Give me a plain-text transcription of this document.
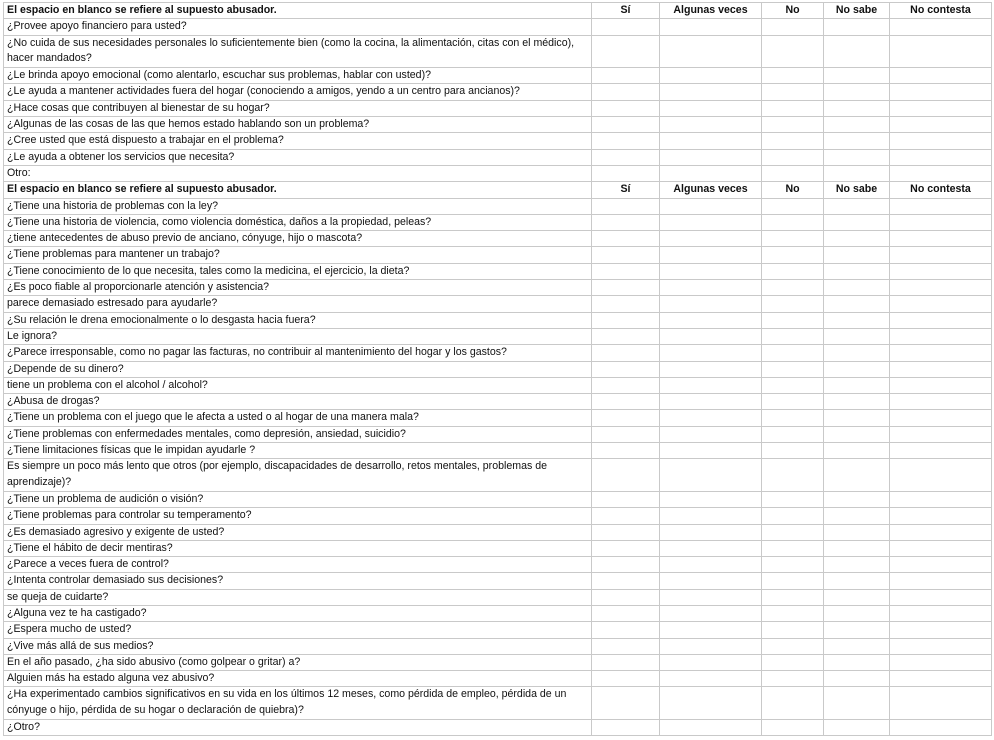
El espacio en blanco se refiere al supuesto abusador.	Sí	Algunas veces	No	No sabe	No contesta
¿Provee apoyo financiero para usted?					
¿No cuida de sus necesidades personales lo suficientemente bien (como la cocina, la alimentación, citas con el médico), hacer mandados?					
¿Le brinda apoyo emocional (como alentarlo, escuchar sus problemas, hablar con usted)?					
¿Le ayuda a mantener actividades fuera del hogar (conociendo a amigos, yendo a un centro para ancianos)?					
¿Hace cosas que contribuyen al bienestar de su hogar?					
¿Algunas de las cosas de las que hemos estado hablando son un problema?					
¿Cree usted que está dispuesto a trabajar en el problema?					
¿Le ayuda a obtener los servicios que necesita?					
Otro:					
El espacio en blanco se refiere al supuesto abusador.	Sí	Algunas veces	No	No sabe	No contesta
¿Tiene una historia de problemas con la ley?					
¿Tiene una historia de violencia, como violencia doméstica, daños a la propiedad, peleas?					
¿tiene antecedentes de abuso previo de anciano, cónyuge, hijo o mascota?					
¿Tiene problemas para mantener un trabajo?					
¿Tiene conocimiento de lo que necesita, tales como la medicina, el ejercicio, la dieta?					
¿Es poco fiable al proporcionarle atención y asistencia?					
parece demasiado estresado para ayudarle?					
¿Su relación le drena emocionalmente o lo desgasta hacia fuera?					
Le ignora?					
¿Parece irresponsable, como no pagar las facturas, no contribuir al mantenimiento del hogar y los gastos?					
¿Depende de su dinero?					
tiene un problema con el alcohol / alcohol?					
¿Abusa de drogas?					
¿Tiene un problema con el juego que le afecta a usted o al hogar de una manera mala?					
¿Tiene problemas con enfermedades mentales, como depresión, ansiedad, suicidio?					
¿Tiene limitaciones físicas que le impidan ayudarle ?					
Es siempre un poco más lento que otros (por ejemplo, discapacidades de desarrollo, retos mentales, problemas de aprendizaje)?					
¿Tiene un problema de audición o visión?					
¿Tiene problemas para controlar su temperamento?					
¿Es demasiado agresivo y exigente de usted?					
¿Tiene el hábito de decir mentiras?					
¿Parece a veces fuera de control?					
¿Intenta controlar demasiado sus decisiones?					
se queja de cuidarte?					
¿Alguna vez te ha castigado?					
¿Espera mucho de usted?					
¿Vive más allá de sus medios?					
En el año pasado, ¿ha sido abusivo (como golpear o gritar) a?					
Alguien más ha estado alguna vez abusivo?					
¿Ha experimentado cambios significativos en su vida en los últimos 12 meses, como pérdida de empleo, pérdida de un cónyuge o hijo, pérdida de su hogar o declaración de quiebra)?					
¿Otro?					
